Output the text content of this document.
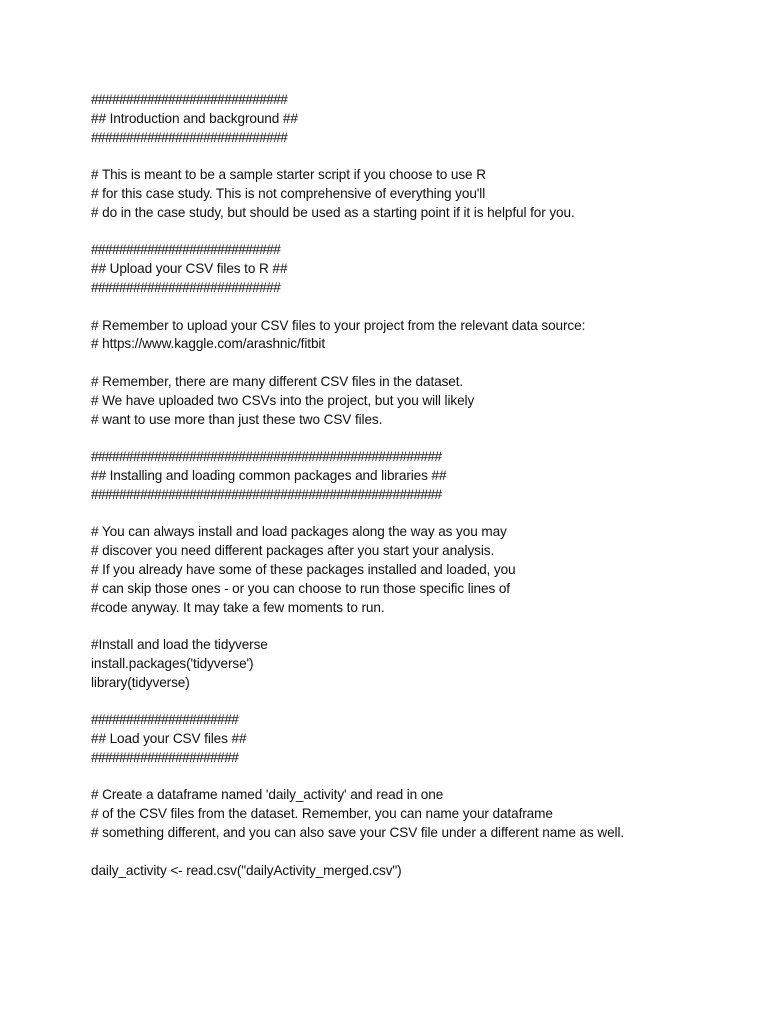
############################
## Introduction and background ##
############################
# This is meant to be a sample starter script if you choose to use R
# for this case study. This is not comprehensive of everything you'll
# do in the case study, but should be used as a starting point if it is helpful for you.
###########################
## Upload your CSV files to R ##
###########################
# Remember to upload your CSV files to your project from the relevant data source:
# https://www.kaggle.com/arashnic/fitbit
# Remember, there are many different CSV files in the dataset.
# We have uploaded two CSVs into the project, but you will likely
# want to use more than just these two CSV files.
##################################################
## Installing and loading common packages and libraries ##
##################################################
# You can always install and load packages along the way as you may
# discover you need different packages after you start your analysis.
# If you already have some of these packages installed and loaded, you
# can skip those ones - or you can choose to run those specific lines of
#code anyway. It may take a few moments to run.
#Install and load the tidyverse
install.packages('tidyverse')
library(tidyverse)
#####################
## Load your CSV files ##
#####################
# Create a dataframe named 'daily_activity' and read in one
# of the CSV files from the dataset. Remember, you can name your dataframe
# something different, and you can also save your CSV file under a different name as well.
daily_activity <- read.csv("dailyActivity_merged.csv")
